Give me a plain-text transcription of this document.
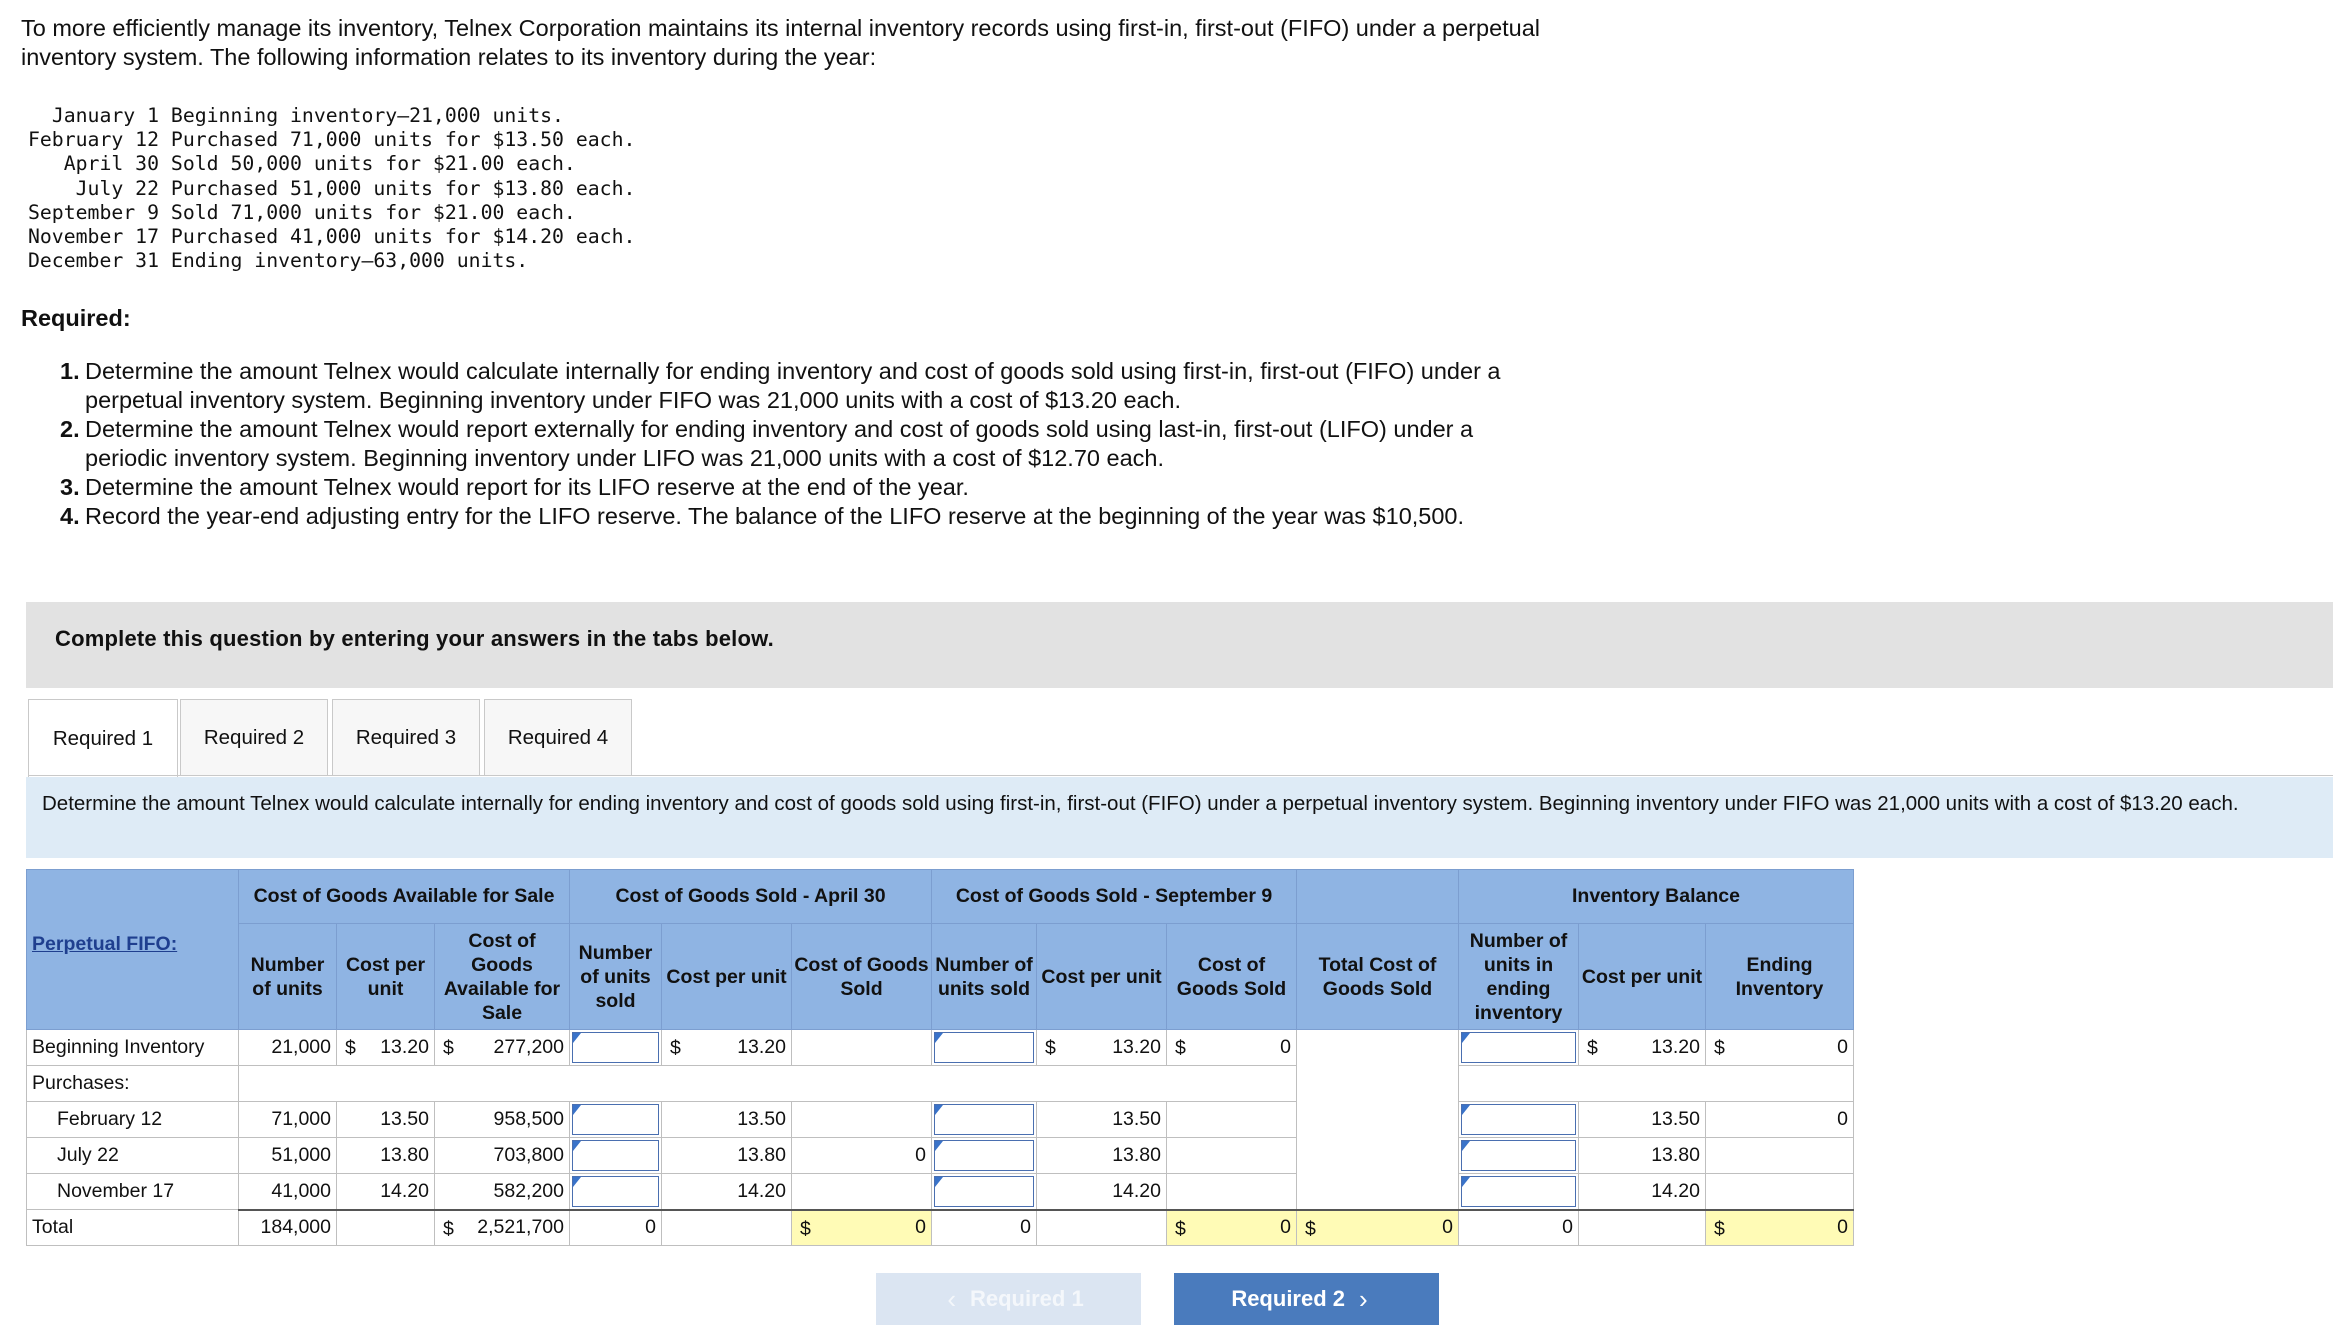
To more efficiently manage its inventory, Telnex Corporation maintains its internal inventory records using first-in, first-out (FIFO) under a perpetual inventory system. The following information relates to its inventory during the year:
January 1 Beginning inventory—21,000 units.
February 12 Purchased 71,000 units for $13.50 each.
April 30 Sold 50,000 units for $21.00 each.
July 22 Purchased 51,000 units for $13.80 each.
September 9 Sold 71,000 units for $21.00 each.
November 17 Purchased 41,000 units for $14.20 each.
December 31 Ending inventory—63,000 units.
Required:
1. Determine the amount Telnex would calculate internally for ending inventory and cost of goods sold using first-in, first-out (FIFO) under a perpetual inventory system. Beginning inventory under FIFO was 21,000 units with a cost of $13.20 each.
2. Determine the amount Telnex would report externally for ending inventory and cost of goods sold using last-in, first-out (LIFO) under a periodic inventory system. Beginning inventory under LIFO was 21,000 units with a cost of $12.70 each.
3. Determine the amount Telnex would report for its LIFO reserve at the end of the year.
4. Record the year-end adjusting entry for the LIFO reserve. The balance of the LIFO reserve at the beginning of the year was $10,500.
Complete this question by entering your answers in the tabs below.
Required 1	Required 2	Required 3	Required 4
Determine the amount Telnex would calculate internally for ending inventory and cost of goods sold using first-in, first-out (FIFO) under a perpetual inventory system. Beginning inventory under FIFO was 21,000 units with a cost of $13.20 each.
	Cost of Goods Available for Sale			Cost of Goods Sold - April 30			Cost of Goods Sold - September 9				Inventory Balance		
Perpetual FIFO:	Number of units	Cost per unit	Cost of Goods Available for Sale	Number of units sold	Cost per unit	Cost of Goods Sold	Number of units sold	Cost per unit	Cost of Goods Sold	Total Cost of Goods Sold	Number of units in ending inventory	Cost per unit	Ending Inventory
Beginning Inventory	21,000	$ 13.20	$ 277,200		$ 13.20			$ 13.20	$ 0			$ 13.20	$ 0
Purchases:													
February 12	71,000	13.50	958,500		13.50			13.50				13.50	0
July 22	51,000	13.80	703,800		13.80	0		13.80				13.80	
November 17	41,000	14.20	582,200		14.20			14.20				14.20	
Total	184,000		$ 2,521,700	0		$ 0	0		$ 0	$ 0	0		$ 0
‹ Required 1	Required 2 ›
